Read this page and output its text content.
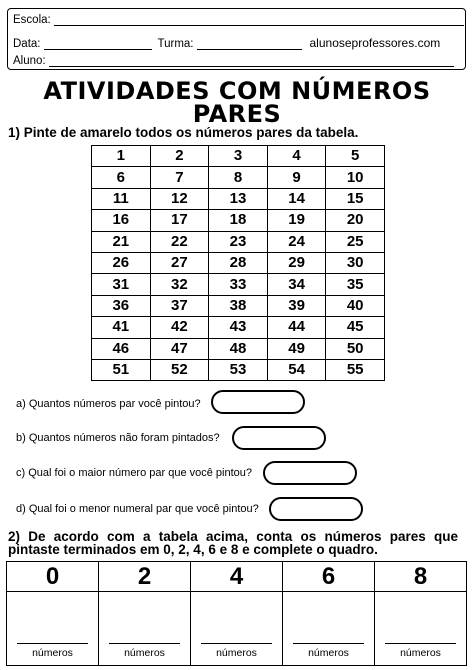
Escola:
Data:	Turma:	alunoseprofessores.com
Aluno:
ATIVIDADES COM NÚMEROS
PARES
1) Pinte de amarelo todos os números pares da tabela.
1	2	3	4	5
6	7	8	9	10
11	12	13	14	15
16	17	18	19	20
21	22	23	24	25
26	27	28	29	30
31	32	33	34	35
36	37	38	39	40
41	42	43	44	45
46	47	48	49	50
51	52	53	54	55
a) Quantos números par você pintou?
b) Quantos números não foram pintados?
c) Qual foi o maior número par que você pintou?
d) Qual foi o menor numeral par que você pintou?
2) De acordo com a tabela acima, conta os números pares que pintaste terminados em 0, 2, 4, 6 e 8 e complete o quadro.
0	2	4	6	8

números	números	números	números	números
